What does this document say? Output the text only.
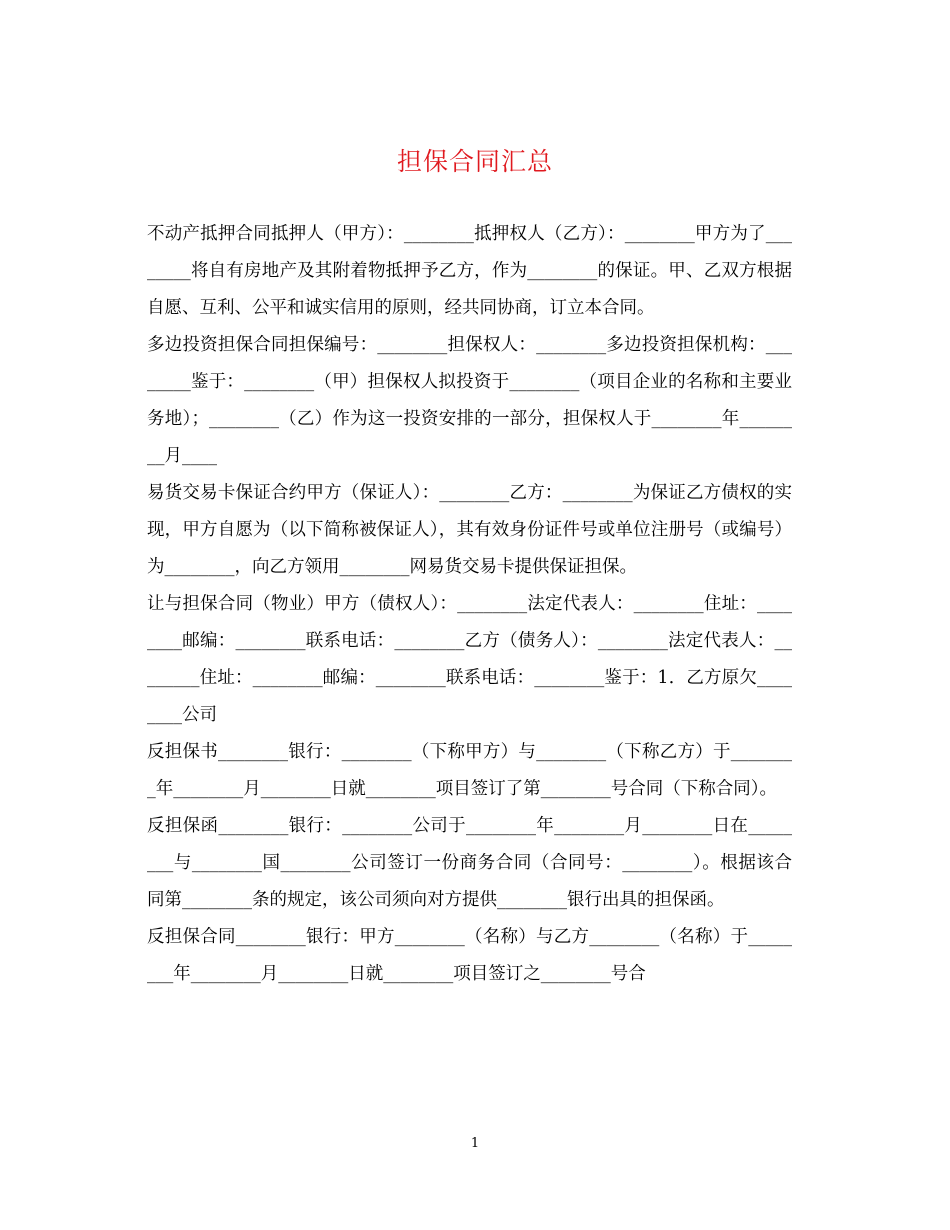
担保合同汇总

不动产抵押合同抵押人（甲方）：________抵押权人（乙方）：________甲方为了________将自有房地产及其附着物抵押予乙方，作为________的保证。甲、乙双方根据自愿、互利、公平和诚实信用的原则，经共同协商，订立本合同。

多边投资担保合同担保编号：________担保权人：________多边投资担保机构：________鉴于：________（甲）担保权人拟投资于________（项目企业的名称和主要业务地）；________（乙）作为这一投资安排的一部分，担保权人于________年________月____

易货交易卡保证合约甲方（保证人）：________乙方：________为保证乙方债权的实现，甲方自愿为（以下简称被保证人），其有效身份证件号或单位注册号（或编号）为________，向乙方领用________网易货交易卡提供保证担保。

让与担保合同（物业）甲方（债权人）：________法定代表人：________住址：________邮编：________联系电话：________乙方（债务人）：________法定代表人：________住址：________邮编：________联系电话：________鉴于：1．乙方原欠________公司

反担保书________银行：________（下称甲方）与________（下称乙方）于________年________月________日就________项目签订了第________号合同（下称合同）。

反担保函________银行：________公司于________年________月________日在________与________国________公司签订一份商务合同（合同号：________）。根据该合同第________条的规定，该公司须向对方提供________银行出具的担保函。

反担保合同________银行：甲方________（名称）与乙方________（名称）于________年________月________日就________项目签订之________号合

1
